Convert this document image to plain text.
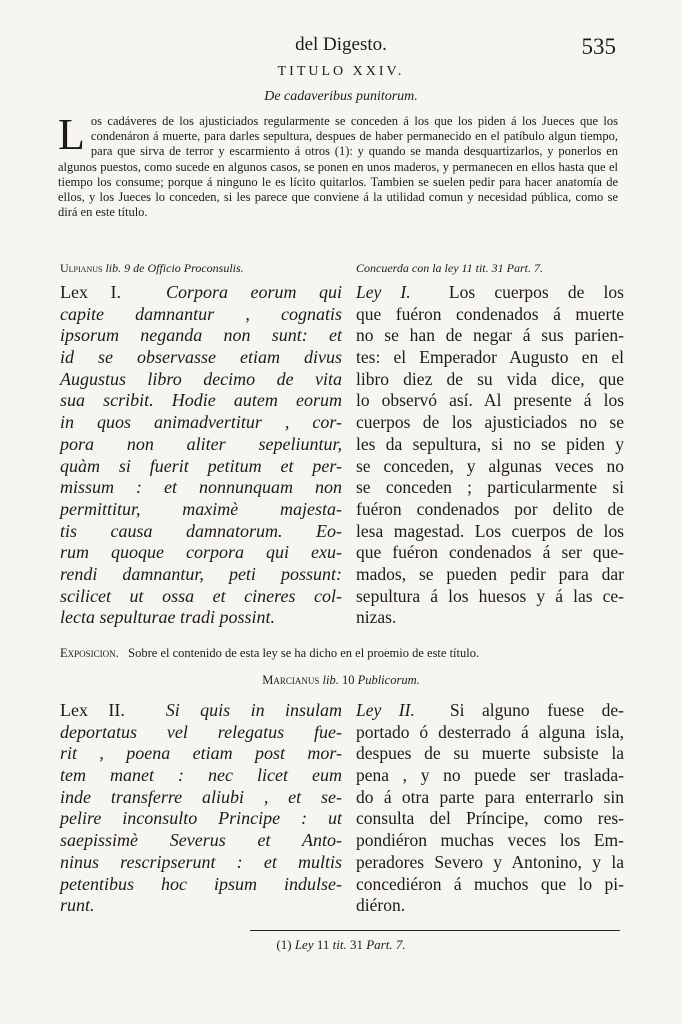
del Digesto.	535
TITULO XXIV.
De cadaveribus punitorum.
Los cadáveres de los ajusticiados regularmente se conceden á los que los piden á los Jueces que los condenáron á muerte, para darles sepultura, despues de haber permanecido en el patíbulo algun tiempo, para que sirva de terror y escarmiento á otros (1): y quando se manda desquartizarlos, y ponerlos en algunos puestos, como sucede en algunos casos, se ponen en unos maderos, y permanecen en ellos hasta que el tiempo los consume; porque á ninguno le es lícito quitarlos. Tambien se suelen pedir para hacer anatomía de ellos, y los Jueces lo conceden, si les parece que conviene á la utilidad comun y necesidad pública, como se dirá en este título.
Ulpianus lib. 9 de Officio Proconsulis.	Concuerda con la ley 11 tit. 31 Part. 7.
Lex I.	Corpora eorum qui
capite damnantur , cognatis
ipsorum neganda non sunt: et
id se observasse etiam divus
Augustus libro decimo de vita
sua scribit. Hodie autem eorum
in quos animadvertitur , cor-
pora non aliter sepeliuntur,
quàm si fuerit petitum et per-
missum : et nonnunquam non
permittitur, maximè majesta-
tis causa damnatorum. Eo-
rum quoque corpora qui exu-
rendi damnantur, peti possunt:
scilicet ut ossa et cineres col-
lecta sepulturae tradi possint.
Ley I. Los cuerpos de los
que fuéron condenados á muerte
no se han de negar á sus parien-
tes: el Emperador Augusto en el
libro diez de su vida dice, que
lo observó así. Al presente á los
cuerpos de los ajusticiados no se
les da sepultura, si no se piden y
se conceden, y algunas veces no
se conceden ; particularmente si
fuéron condenados por delito de
lesa magestad. Los cuerpos de los
que fuéron condenados á ser que-
mados, se pueden pedir para dar
sepultura á los huesos y á las ce-
nizas.
Exposicion. Sobre el contenido de esta ley se ha dicho en el proemio de este título.
Marcianus lib. 10 Publicorum.
Lex II. Si quis in insulam
deportatus vel relegatus fue-
rit , poena etiam post mor-
tem manet : nec licet eum
inde transferre aliubi , et se-
pelire inconsulto Principe : ut
saepissimè Severus et Anto-
ninus rescripserunt : et multis
petentibus hoc ipsum indulse-
runt.
Ley II. Si alguno fuese de-
portado ó desterrado á alguna isla,
despues de su muerte subsiste la
pena , y no puede ser traslada-
do á otra parte para enterrarlo sin
consulta del Príncipe, como res-
pondiéron muchas veces los Em-
peradores Severo y Antonino, y la
concediéron á muchos que lo pi-
diéron.
(1) Ley 11 tit. 31 Part. 7.
